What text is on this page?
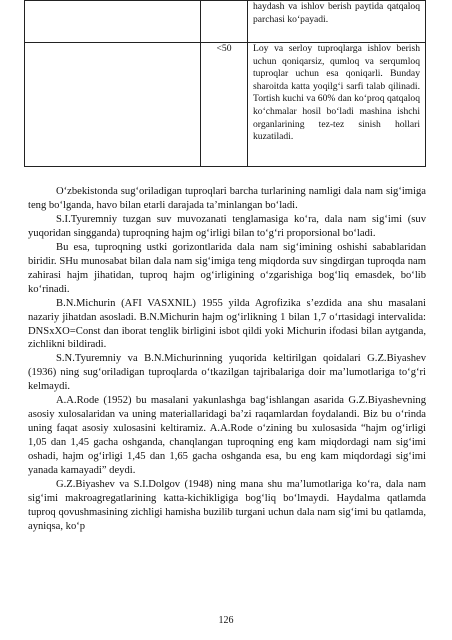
		haydash va ishlov berish paytida qatqaloq parchasi ko‘payadi.
	<50	Loy va serloy tuproqlarga ishlov berish uchun qoniqarsiz, qumloq va serqumloq tuproqlar uchun esa qoniqarli. Bunday sharoitda katta yoqilg‘i sarfi talab qilinadi. Tortish kuchi va 60% dan ko‘proq qatqaloq ko‘chmalar hosil bo‘ladi mashina ishchi organlarining tez-tez sinish hollari kuzatiladi.

O‘zbekistonda sug‘oriladigan tuproqlari barcha turlarining namligi dala nam sig‘imiga teng bo‘lganda, havo bilan etarli darajada ta’minlangan bo‘ladi.

S.I.Tyuremniy tuzgan suv muvozanati tenglamasiga ko‘ra, dala nam sig‘imi (suv yuqoridan singganda) tuproqning hajm og‘irligi bilan to‘g‘ri proporsional bo‘ladi.

Bu esa, tuproqning ustki gorizontlarida dala nam sig‘imining oshishi sabablaridan biridir. SHu munosabat bilan dala nam sig‘imiga teng miqdorda suv singdirgan tuproqda nam zahirasi hajm jihatidan, tuproq hajm og‘irligining o‘zgarishiga bog‘liq emasdek, bo‘lib ko‘rinadi.

B.N.Michurin (AFI VASXNIL) 1955 yilda Agrofizika s’ezdida ana shu masalani nazariy jihatdan asosladi. B.N.Michurin hajm og‘irlikning 1 bilan 1,7 o‘rtasidagi intervalida: DNSxXO=Const dan iborat tenglik birligini isbot qildi yoki Michurin ifodasi bilan aytganda, zichlikni bildiradi.

S.N.Tyuremniy va B.N.Michurinning yuqorida keltirilgan qoidalari G.Z.Biyashev (1936) ning sug‘oriladigan tuproqlarda o‘tkazilgan tajribalariga doir ma’lumotlariga to‘g‘ri kelmaydi.

A.A.Rode (1952) bu masalani yakunlashga bag‘ishlangan asarida G.Z.Biyashevning asosiy xulosalaridan va uning materiallaridagi ba’zi raqamlardan foydalandi. Biz bu o‘rinda uning faqat asosiy xulosasini keltiramiz. A.A.Rode o‘zining bu xulosasida “hajm og‘irligi 1,05 dan 1,45 gacha oshganda, chanqlangan tuproqning eng kam miqdordagi nam sig‘imi oshadi, hajm og‘irligi 1,45 dan 1,65 gacha oshganda esa, bu eng kam miqdordagi sig‘imi yanada kamayadi” deydi.

G.Z.Biyashev va S.I.Dolgov (1948) ning mana shu ma’lumotlariga ko‘ra, dala nam sig‘imi makroagregatlarining katta-kichikligiga bog‘liq bo‘lmaydi. Haydalma qatlamda tuproq qovushmasining zichligi hamisha buzilib turgani uchun dala nam sig‘imi bu qatlamda, ayniqsa, ko‘p

126
